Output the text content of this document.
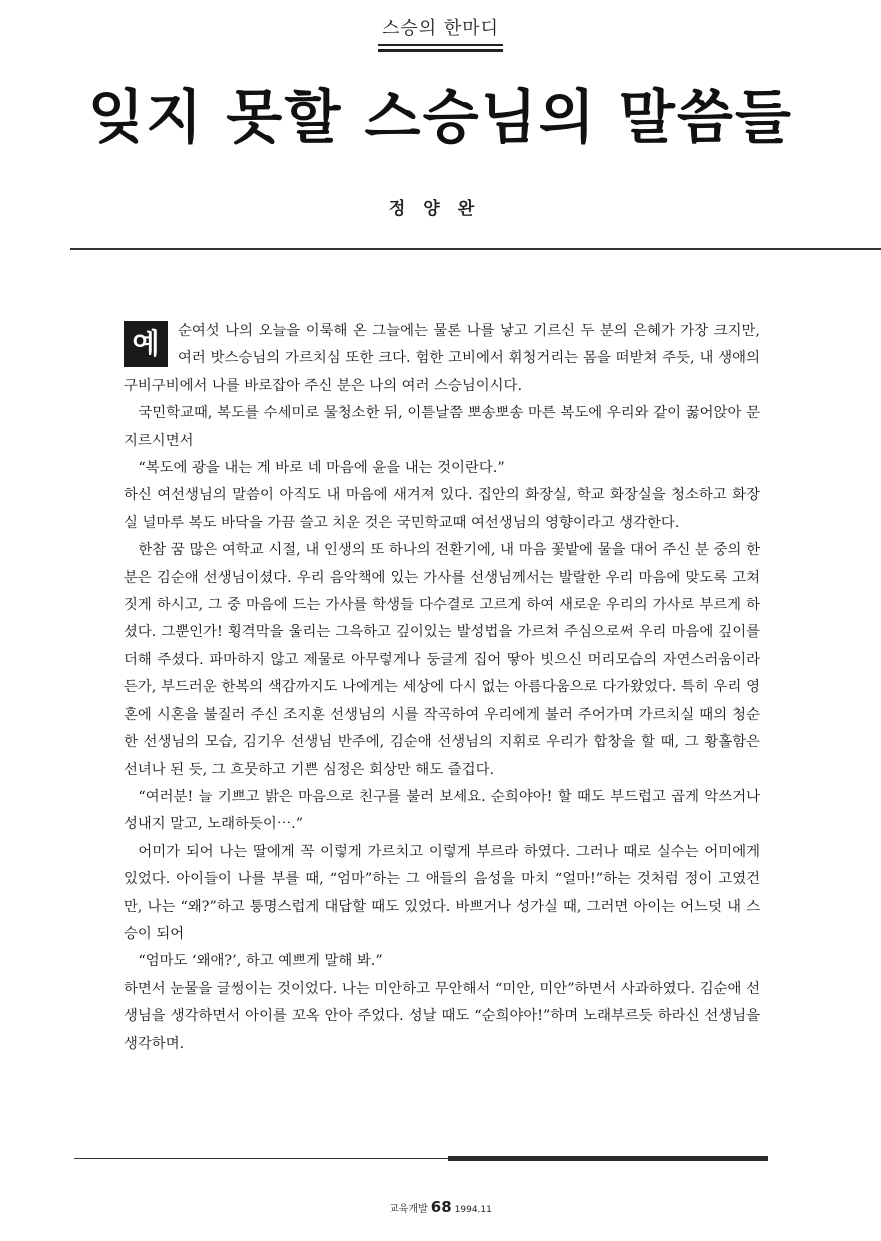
스승의 한마디
잊지 못할 스승님의 말씀들
정양완

예	순여섯 나의 오늘을 이룩해 온 그늘에는 물론 나를 낳고 기르신 두 분의 은혜가 가장 크지만, 여러 밧스승님의 가르치심 또한 크다. 험한 고비에서 휘청거리는 몸을 떠받쳐 주듯, 내 생애의 구비구비에서 나를 바로잡아 주신 분은 나의 여러 스승님이시다.

국민학교때, 복도를 수세미로 물청소한 뒤, 이튿날쯤 뽀송뽀송 마른 복도에 우리와 같이 꿇어앉아 문지르시면서

“복도에 광을 내는 게 바로 네 마음에 윤을 내는 것이란다.”

하신 여선생님의 말씀이 아직도 내 마음에 새겨져 있다. 집안의 화장실, 학교 화장실을 청소하고 화장실 널마루 복도 바닥을 가끔 쓸고 치운 것은 국민학교때 여선생님의 영향이라고 생각한다.

한참 꿈 많은 여학교 시절, 내 인생의 또 하나의 전환기에, 내 마음 꽃밭에 물을 대어 주신 분 중의 한분은 김순애 선생님이셨다. 우리 음악책에 있는 가사를 선생님께서는 발랄한 우리 마음에 맞도록 고쳐 짓게 하시고, 그 중 마음에 드는 가사를 학생들 다수결로 고르게 하여 새로운 우리의 가사로 부르게 하셨다. 그뿐인가! 횡격막을 울리는 그윽하고 깊이있는 발성법을 가르쳐 주심으로써 우리 마음에 깊이를 더해 주셨다. 파마하지 않고 제물로 아무렇게나 둥글게 집어 땋아 빗으신 머리모습의 자연스러움이라든가, 부드러운 한복의 색감까지도 나에게는 세상에 다시 없는 아름다움으로 다가왔었다. 특히 우리 영혼에 시혼을 불질러 주신 조지훈 선생님의 시를 작곡하여 우리에게 불러 주어가며 가르치실 때의 청순한 선생님의 모습, 김기우 선생님 반주에, 김순애 선생님의 지휘로 우리가 합창을 할 때, 그 황홀함은 선녀나 된 듯, 그 흐뭇하고 기쁜 심정은 회상만 해도 즐겁다.

“여러분! 늘 기쁘고 밝은 마음으로 친구를 불러 보세요. 순희야아! 할 때도 부드럽고 곱게 악쓰거나 성내지 말고, 노래하듯이⋯.”

어미가 되어 나는 딸에게 꼭 이렇게 가르치고 이렇게 부르라 하였다. 그러나 때로 실수는 어미에게 있었다. 아이들이 나를 부를 때, “엄마”하는 그 애들의 음성을 마치 “얼마!”하는 것처럼 정이 고였건만, 나는 “왜?”하고 퉁명스럽게 대답할 때도 있었다. 바쁘거나 성가실 때, 그러면 아이는 어느덧 내 스승이 되어

“엄마도 ‘왜애?’, 하고 예쁘게 말해 봐.”

하면서 눈물을 글썽이는 것이었다. 나는 미안하고 무안해서 “미안, 미안”하면서 사과하였다. 김순애 선생님을 생각하면서 아이를 꼬옥 안아 주었다. 성날 때도 “순희야아!”하며 노래부르듯 하라신 선생님을 생각하며.

교육개발 68 1994.11
